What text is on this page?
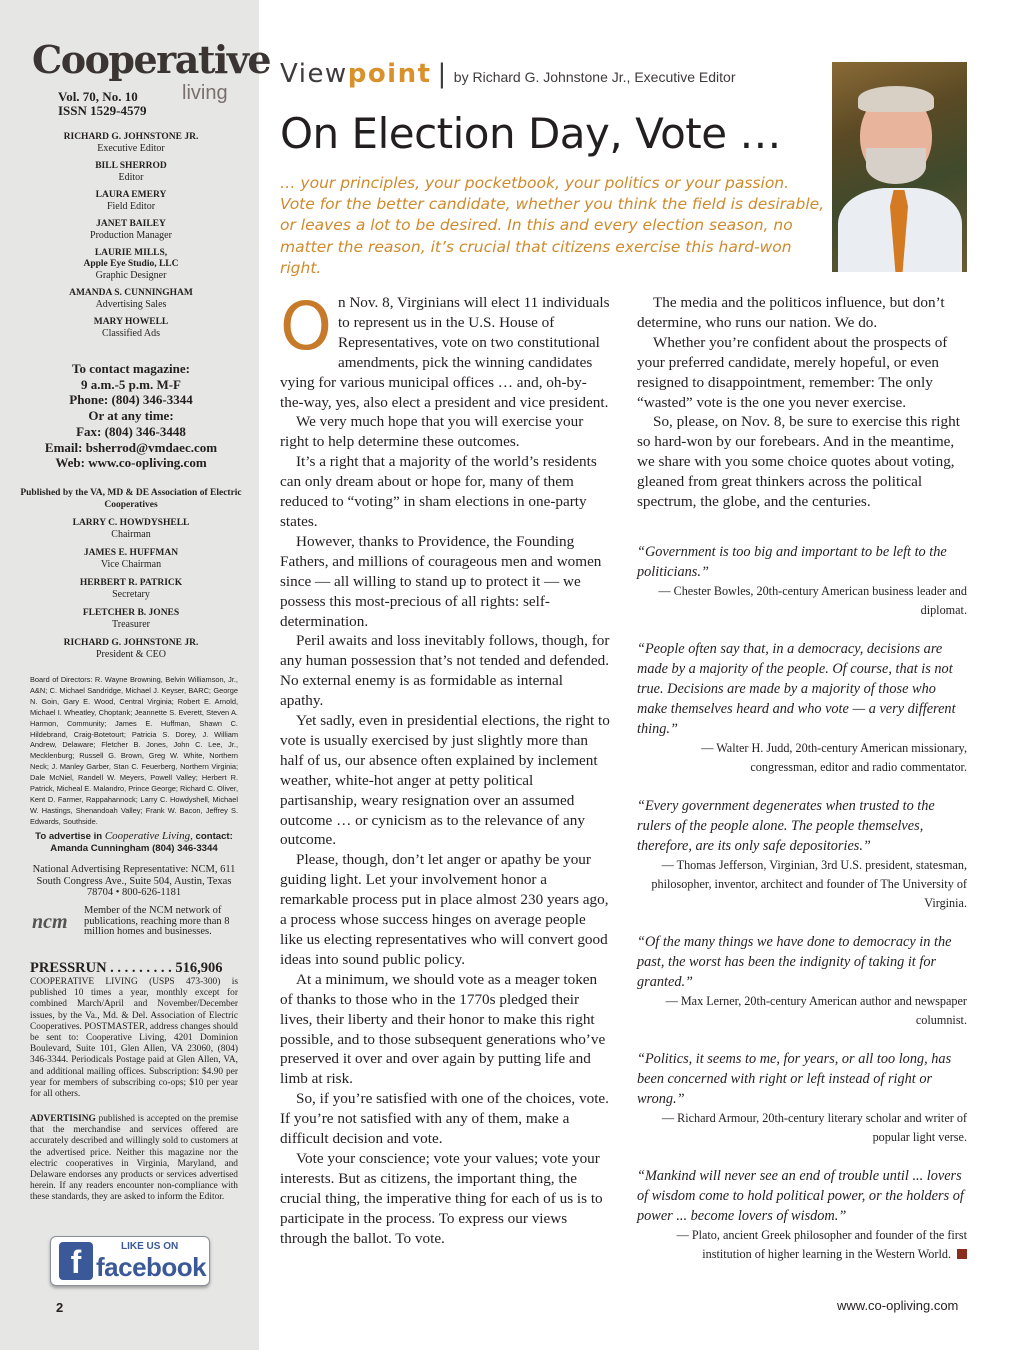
Cooperative
living
Vol. 70, No. 10
ISSN 1529-4579
RICHARD G. JOHNSTONE JR.
Executive Editor
BILL SHERROD
Editor
LAURA EMERY
Field Editor
JANET BAILEY
Production Manager
LAURIE MILLS,
Apple Eye Studio, LLC
Graphic Designer
AMANDA S. CUNNINGHAM
Advertising Sales
MARY HOWELL
Classified Ads
To contact magazine:
9 a.m.-5 p.m. M-F
Phone: (804) 346-3344
Or at any time:
Fax: (804) 346-3448
Email: bsherrod@vmdaec.com
Web: www.co-opliving.com
Published by the VA, MD & DE Association of Electric Cooperatives
LARRY C. HOWDYSHELL
Chairman
JAMES E. HUFFMAN
Vice Chairman
HERBERT R. PATRICK
Secretary
FLETCHER B. JONES
Treasurer
RICHARD G. JOHNSTONE JR.
President & CEO
Board of Directors: R. Wayne Browning, Belvin Williamson, Jr., A&N; C. Michael Sandridge, Michael J. Keyser, BARC; George N. Goin, Gary E. Wood, Central Virginia; Robert E. Arnold, Michael I. Wheatley, Choptank; Jeannette S. Everett, Steven A. Harmon, Community; James E. Huffman, Shawn C. Hildebrand, Craig-Botetourt; Patricia S. Dorey, J. William Andrew, Delaware; Fletcher B. Jones, John C. Lee, Jr., Mecklenburg; Russell G. Brown, Greg W. White, Northern Neck; J. Manley Garber, Stan C. Feuerberg, Northern Virginia; Dale McNiel, Randell W. Meyers, Powell Valley; Herbert R. Patrick, Micheal E. Malandro, Prince George; Richard C. Oliver, Kent D. Farmer, Rappahannock; Larry C. Howdyshell, Michael W. Hastings, Shenandoah Valley; Frank W. Bacon, Jeffrey S. Edwards, Southside.
To advertise in Cooperative Living, contact:
Amanda Cunningham (804) 346-3344
National Advertising Representative: NCM, 611 South Congress Ave., Suite 504, Austin, Texas 78704 • 800-626-1181
ncm
Member of the NCM network of publications, reaching more than 8 million homes and businesses.
PRESSRUN . . . . . . . . . 516,906
COOPERATIVE LIVING (USPS 473-300) is published 10 times a year, monthly except for combined March/April and November/December issues, by the Va., Md. & Del. Association of Electric Cooperatives. POSTMASTER, address changes should be sent to: Cooperative Living, 4201 Dominion Boulevard, Suite 101, Glen Allen, VA 23060, (804) 346-3344. Periodicals Postage paid at Glen Allen, VA, and additional mailing offices. Subscription: $4.90 per year for members of subscribing co-ops; $10 per year for all others.
ADVERTISING published is accepted on the premise that the merchandise and services offered are accurately described and willingly sold to customers at the advertised price. Neither this magazine nor the electric cooperatives in Virginia, Maryland, and Delaware endorses any products or services advertised herein. If any readers encounter non-compliance with these standards, they are asked to inform the Editor.
f	LIKE US ON
facebook
2
Viewpoint | by Richard G. Johnstone Jr., Executive Editor
On Election Day, Vote …
… your principles, your pocketbook, your politics or your passion. Vote for the better candidate, whether you think the field is desirable, or leaves a lot to be desired. In this and every election season, no matter the reason, it’s crucial that citizens exercise this hard-won right.

On Nov. 8, Virginians will elect 11 individuals to represent us in the U.S. House of Representatives, vote on two constitutional amendments, pick the winning candidates vying for various municipal offices … and, oh-by-the-way, yes, also elect a president and vice president.

We very much hope that you will exercise your right to help determine these outcomes.

It’s a right that a majority of the world’s residents can only dream about or hope for, many of them reduced to “voting” in sham elections in one-party states.

However, thanks to Providence, the Founding Fathers, and millions of courageous men and women since — all willing to stand up to protect it — we possess this most-precious of all rights: self-determination.

Peril awaits and loss inevitably follows, though, for any human possession that’s not tended and defended. No external enemy is as formidable as internal apathy.

Yet sadly, even in presidential elections, the right to vote is usually exercised by just slightly more than half of us, our absence often explained by inclement weather, white-hot anger at petty political partisanship, weary resignation over an assumed outcome … or cynicism as to the relevance of any outcome.

Please, though, don’t let anger or apathy be your guiding light. Let your involvement honor a remarkable process put in place almost 230 years ago, a process whose success hinges on average people like us electing representatives who will convert good ideas into sound public policy.

At a minimum, we should vote as a meager token of thanks to those who in the 1770s pledged their lives, their liberty and their honor to make this right possible, and to those subsequent generations who’ve preserved it over and over again by putting life and limb at risk.

So, if you’re satisfied with one of the choices, vote. If you’re not satisfied with any of them, make a difficult decision and vote.

Vote your conscience; vote your values; vote your interests. But as citizens, the important thing, the crucial thing, the imperative thing for each of us is to participate in the process. To express our views through the ballot. To vote.

The media and the politicos influence, but don’t determine, who runs our nation. We do.

Whether you’re confident about the prospects of your preferred candidate, merely hopeful, or even resigned to disappointment, remember: The only “wasted” vote is the one you never exercise.

So, please, on Nov. 8, be sure to exercise this right so hard-won by our forebears. And in the meantime, we share with you some choice quotes about voting, gleaned from great thinkers across the political spectrum, the globe, and the centuries.

“Government is too big and important to be left to the politicians.”

— Chester Bowles, 20th-century American business leader and diplomat.

“People often say that, in a democracy, decisions are made by a majority of the people. Of course, that is not true. Decisions are made by a majority of those who make themselves heard and who vote — a very different thing.”

— Walter H. Judd, 20th-century American missionary, congressman, editor and radio commentator.

“Every government degenerates when trusted to the rulers of the people alone. The people themselves, therefore, are its only safe depositories.”

— Thomas Jefferson, Virginian, 3rd U.S. president, statesman, philosopher, inventor, architect and founder of The University of Virginia.

“Of the many things we have done to democracy in the past, the worst has been the indignity of taking it for granted.”

— Max Lerner, 20th-century American author and newspaper columnist.

“Politics, it seems to me, for years, or all too long, has been concerned with right or left instead of right or wrong.”

— Richard Armour, 20th-century literary scholar and writer of popular light verse.

“Mankind will never see an end of trouble until ... lovers of wisdom come to hold political power, or the holders of power ... become lovers of wisdom.”

— Plato, ancient Greek philosopher and founder of the first institution of higher learning in the Western World.

www.co-opliving.com
